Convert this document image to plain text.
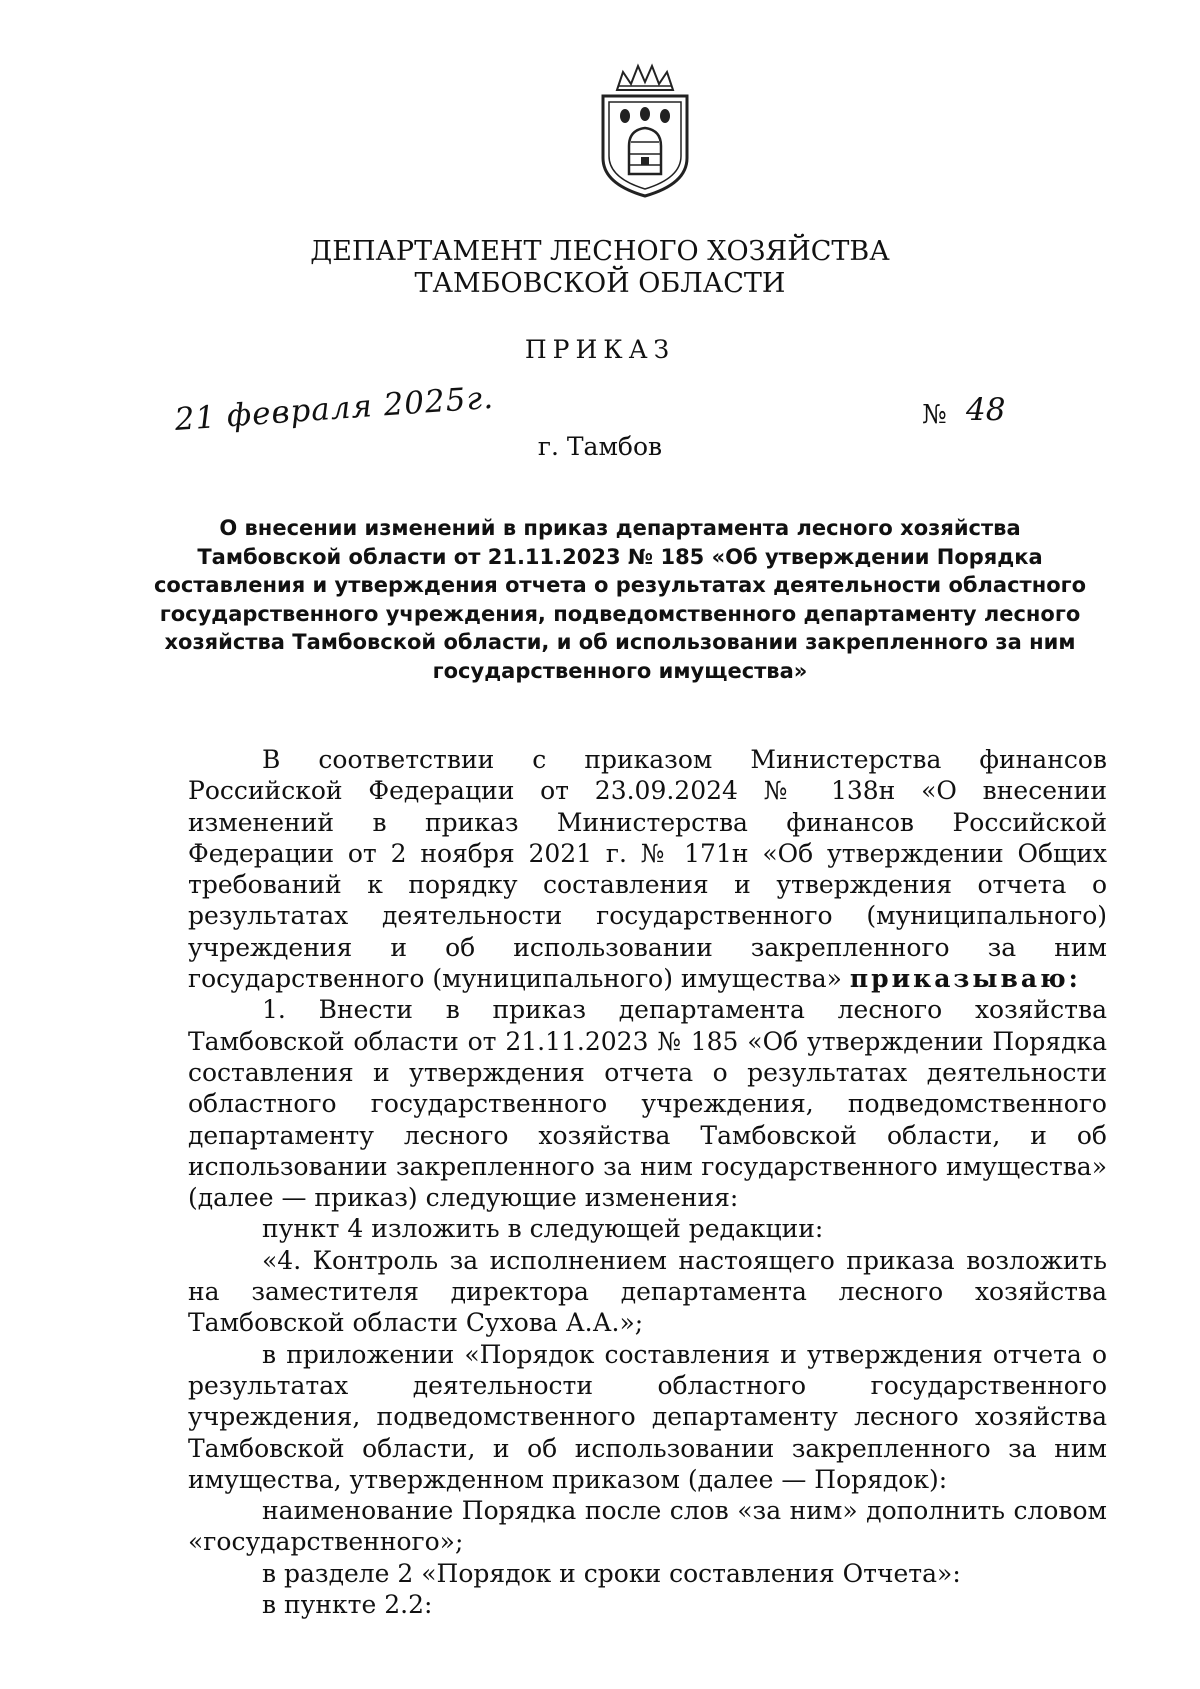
ДЕПАРТАМЕНТ ЛЕСНОГО ХОЗЯЙСТВА
ТАМБОВСКОЙ ОБЛАСТИ
ПРИКАЗ
21 февраля 2025г.	№ 48
г. Тамбов
О внесении изменений в приказ департамента лесного хозяйства Тамбовской области от 21.11.2023 № 185 «Об утверждении Порядка составления и утверждения отчета о результатах деятельности областного государственного учреждения, подведомственного департаменту лесного хозяйства Тамбовской области, и об использовании закрепленного за ним государственного имущества»

В соответствии с приказом Министерства финансов Российской Федерации от 23.09.2024 № 138н «О внесении изменений в приказ Министерства финансов Российской Федерации от 2 ноября 2021 г. № 171н «Об утверждении Общих требований к порядку составления и утверждения отчета о результатах деятельности государственного (муниципального) учреждения и об использовании закрепленного за ним государственного (муниципального) имущества» приказываю:

1. Внести в приказ департамента лесного хозяйства Тамбовской области от 21.11.2023 № 185 «Об утверждении Порядка составления и утверждения отчета о результатах деятельности областного государственного учреждения, подведомственного департаменту лесного хозяйства Тамбовской области, и об использовании закрепленного за ним государственного имущества» (далее — приказ) следующие изменения:

пункт 4 изложить в следующей редакции:

«4. Контроль за исполнением настоящего приказа возложить на заместителя директора департамента лесного хозяйства Тамбовской области Сухова А.А.»;

в приложении «Порядок составления и утверждения отчета о результатах деятельности областного государственного учреждения, подведомственного департаменту лесного хозяйства Тамбовской области, и об использовании закрепленного за ним имущества, утвержденном приказом (далее — Порядок):

наименование Порядка после слов «за ним» дополнить словом «государственного»;

в разделе 2 «Порядок и сроки составления Отчета»:

в пункте 2.2:
